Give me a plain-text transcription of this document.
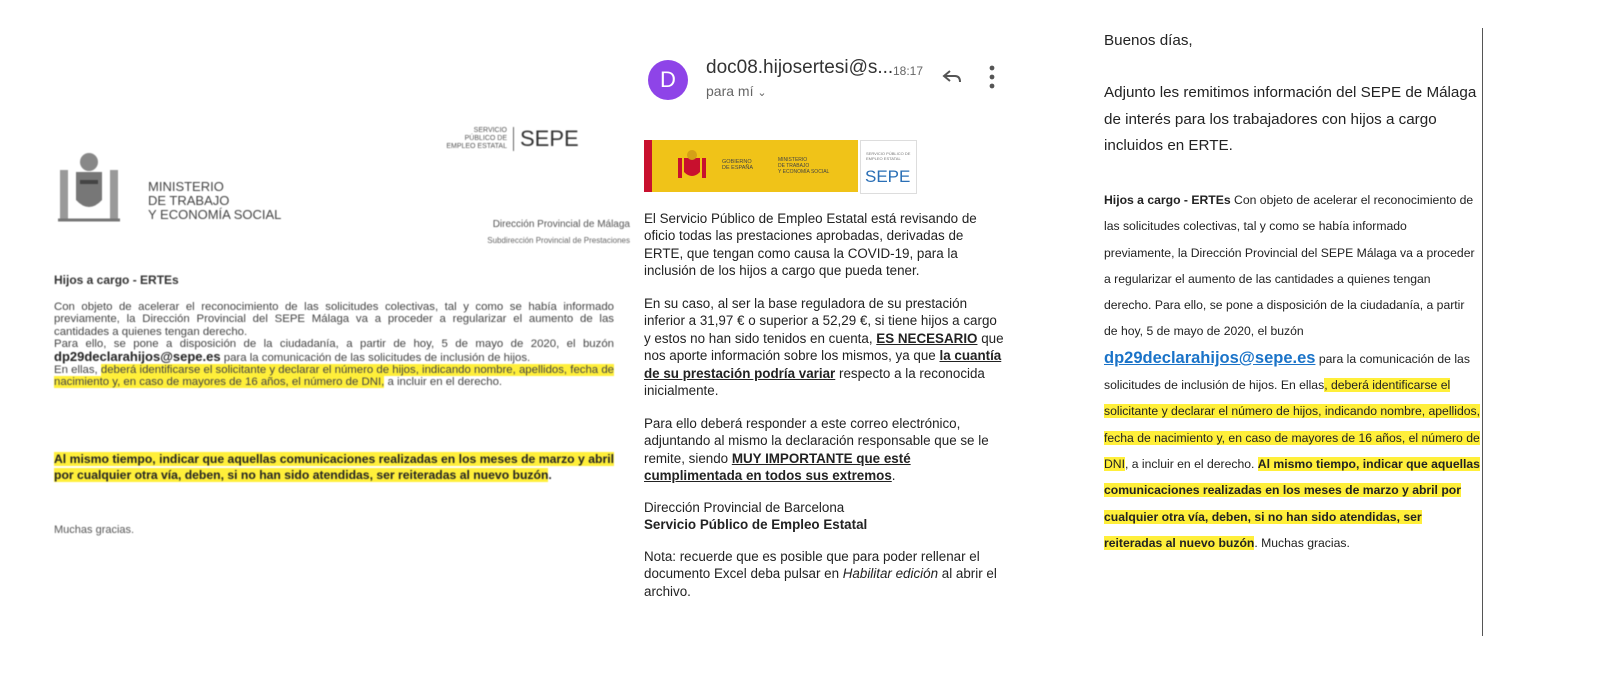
SERVICIO PÚBLICO DE EMPLEO ESTATAL SEPE
MINISTERIO
DE TRABAJO
Y ECONOMÍA SOCIAL
Dirección Provincial de Málaga
Subdirección Provincial de Prestaciones
Hijos a cargo - ERTEs
Con objeto de acelerar el reconocimiento de las solicitudes colectivas, tal y como se había informado previamente, la Dirección Provincial del SEPE Málaga va a proceder a regularizar el aumento de las cantidades a quienes tengan derecho.
Para ello, se pone a disposición de la ciudadanía, a partir de hoy, 5 de mayo de 2020, el buzón dp29declarahijos@sepe.es para la comunicación de las solicitudes de inclusión de hijos.
En ellas, deberá identificarse el solicitante y declarar el número de hijos, indicando nombre, apellidos, fecha de nacimiento y, en caso de mayores de 16 años, el número de DNI, a incluir en el derecho.
Al mismo tiempo, indicar que aquellas comunicaciones realizadas en los meses de marzo y abril por cualquier otra vía, deben, si no han sido atendidas, ser reiteradas al nuevo buzón.
Muchas gracias.
D	doc08.hijosertesi@s... 18:17
para mí ⌄
GOBIERNO
DE ESPAÑA
MINISTERIO
DE TRABAJO
Y ECONOMÍA SOCIAL
SERVICIO PÚBLICO DE EMPLEO ESTATAL
SEPE
El Servicio Público de Empleo Estatal está revisando de oficio todas las prestaciones aprobadas, derivadas de ERTE, que tengan como causa la COVID-19, para la inclusión de los hijos a cargo que pueda tener.
En su caso, al ser la base reguladora de su prestación inferior a 31,97 € o superior a 52,29 €, si tiene hijos a cargo y estos no han sido tenidos en cuenta, ES NECESARIO que nos aporte información sobre los mismos, ya que la cuantía de su prestación podría variar respecto a la reconocida inicialmente.
Para ello deberá responder a este correo electrónico, adjuntando al mismo la declaración responsable que se le remite, siendo MUY IMPORTANTE que esté cumplimentada en todos sus extremos.
Dirección Provincial de Barcelona
Servicio Público de Empleo Estatal
Nota: recuerde que es posible que para poder rellenar el documento Excel deba pulsar en Habilitar edición al abrir el archivo.
Buenos días,
Adjunto les remitimos información del SEPE de Málaga de interés para los trabajadores con hijos a cargo incluidos en ERTE.
Hijos a cargo - ERTEs Con objeto de acelerar el reconocimiento de las solicitudes colectivas, tal y como se había informado previamente, la Dirección Provincial del SEPE Málaga va a proceder a regularizar el aumento de las cantidades a quienes tengan derecho. Para ello, se pone a disposición de la ciudadanía, a partir de hoy, 5 de mayo de 2020, el buzón dp29declarahijos@sepe.es para la comunicación de las solicitudes de inclusión de hijos. En ellas, deberá identificarse el solicitante y declarar el número de hijos, indicando nombre, apellidos, fecha de nacimiento y, en caso de mayores de 16 años, el número de DNI, a incluir en el derecho. Al mismo tiempo, indicar que aquellas comunicaciones realizadas en los meses de marzo y abril por cualquier otra vía, deben, si no han sido atendidas, ser reiteradas al nuevo buzón. Muchas gracias.
